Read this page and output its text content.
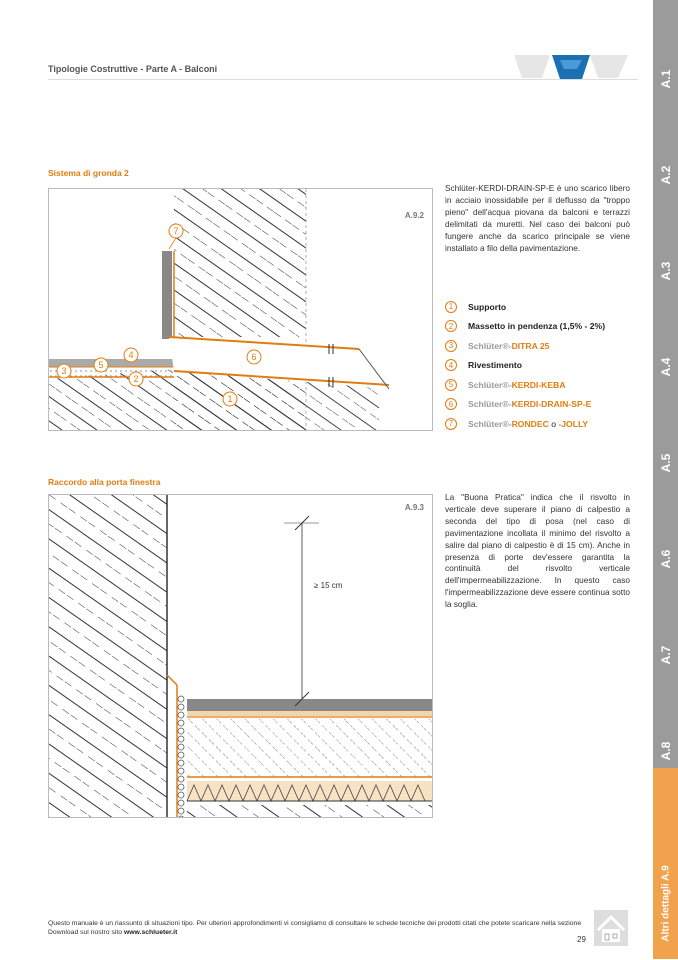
Tipologie Costruttive - Parte A - Balconi
A.1
A.2
A.3
A.4
A.5
A.6
A.7
A.8
Altri dettagli A.9
Sistema di gronda 2
1
2
3
4
5
6
7
A.9.2
Schlüter-KERDI-DRAIN-SP-E è uno scarico libero in acciaio inossidabile per il deflusso da "troppo pieno" dell'acqua piovana da balconi e terrazzi delimitati da muretti. Nel caso dei balconi può fungere anche da scarico principale se viene installato a filo della pavimentazione.
1	Supporto
2	Massetto in pendenza (1,5% - 2%)
3	Schlüter®- DITRA 25
4	Rivestimento
5	Schlüter®- KERDI-KEBA
6	Schlüter®- KERDI-DRAIN-SP-E
7	Schlüter®- RONDEC o -JOLLY
Raccordo alla porta finestra
A.9.3
≥ 15 cm
La "Buona Pratica" indica che il risvolto in verticale deve superare il piano di calpestio a seconda del tipo di posa (nel caso di pavimentazione incollata il minimo del risvolto a salire dal piano di calpestio è di 15 cm). Anche in presenza di porte dev'essere garantita la continuità del risvolto verticale dell'impermeabilizzazione. In questo caso l'impermeabilizzazione deve essere continua sotto la soglia.
Questo manuale è un riassunto di situazioni tipo. Per ulteriori approfondimenti vi consigliamo di consultare le schede tecniche dei prodotti citati che potete scaricare nella sezione Download sul nostro sito www.schlueter.it
29
